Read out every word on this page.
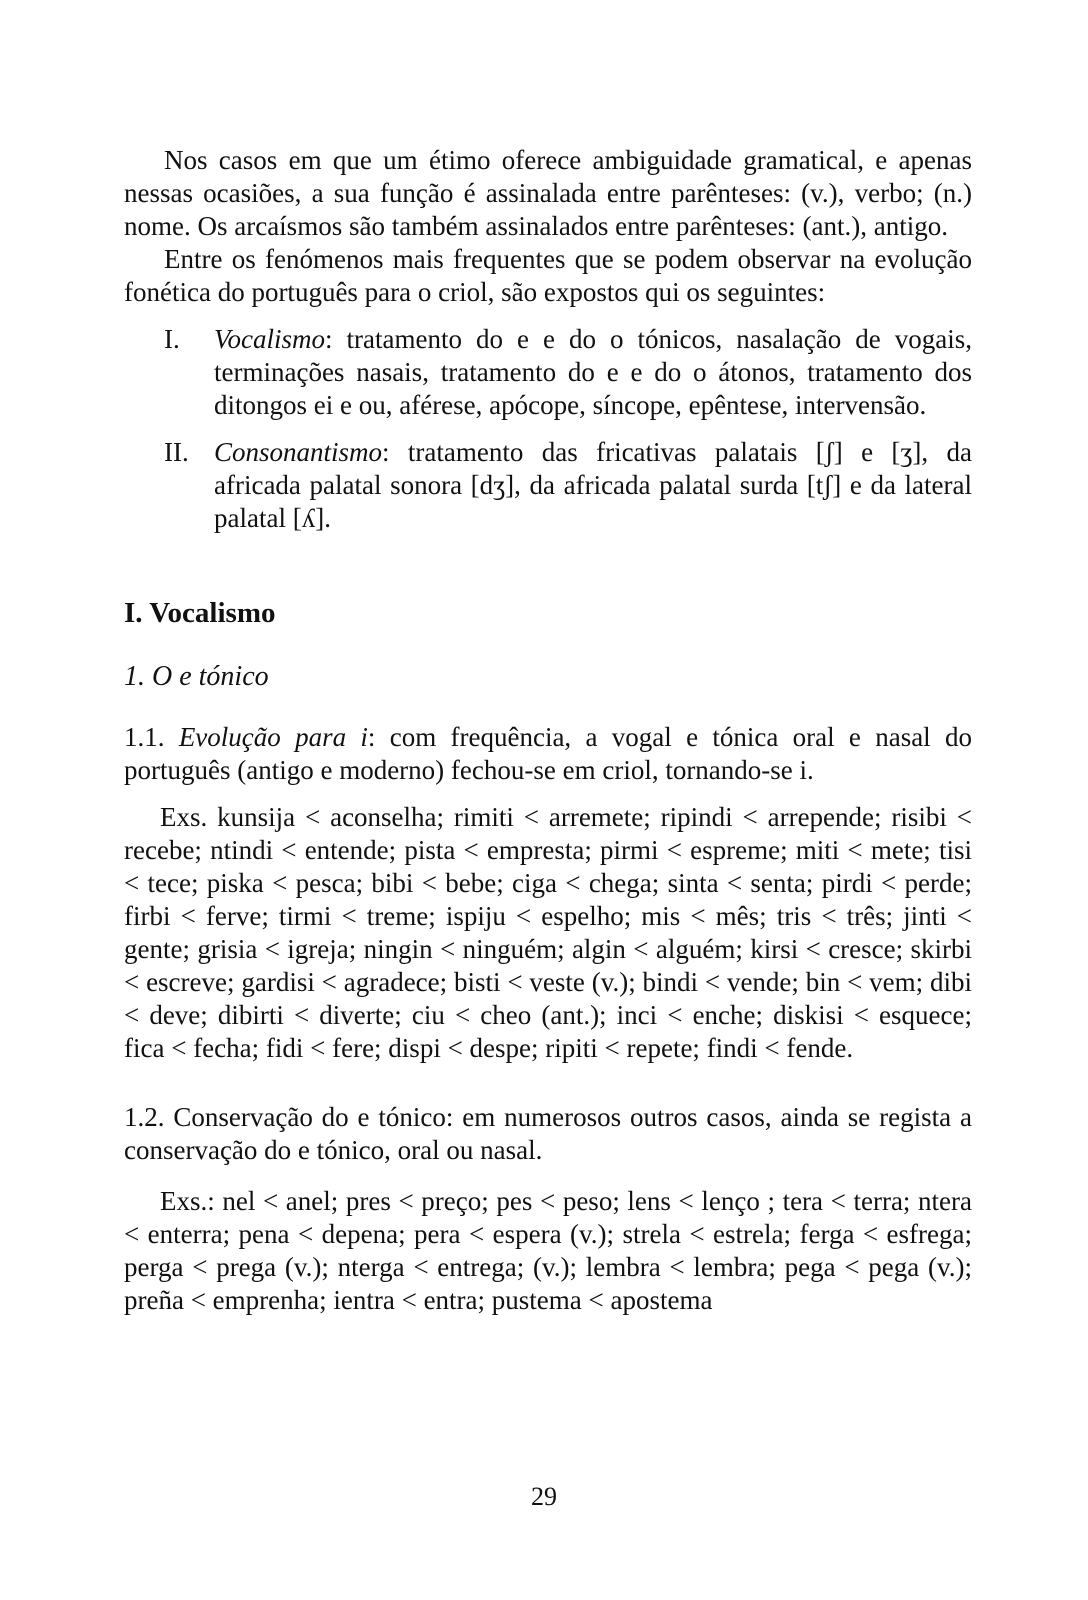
Nos casos em que um étimo oferece ambiguidade gramatical, e apenas nessas ocasiões, a sua função é assinalada entre parênteses: (v.), verbo; (n.) nome. Os arcaísmos são também assinalados entre parênteses: (ant.), antigo.

Entre os fenómenos mais frequentes que se podem observar na evolução fonética do português para o criol, são expostos qui os seguintes:

I.	Vocalismo: tratamento do e e do o tónicos, nasalação de vogais, terminações nasais, tratamento do e e do o átonos, tratamento dos ditongos ei e ou, aférese, apócope, síncope, epêntese, intervensão.

II. Consonantismo: tratamento das fricativas palatais [ʃ] e [ʒ], da africada palatal sonora [dʒ], da africada palatal surda [tʃ] e da lateral palatal [ʎ].

I. Vocalismo
1. O e tónico

1.1. Evolução para i: com frequência, a vogal e tónica oral e nasal do português (antigo e moderno) fechou-se em criol, tornando-se i.

Exs. kunsija < aconselha; rimiti < arremete; ripindi < arrepende; risibi < recebe; ntindi < entende; pista < empresta; pirmi < espreme; miti < mete; tisi < tece; piska < pesca; bibi < bebe; ciga < chega; sinta < senta; pirdi < perde; firbi < ferve; tirmi < treme; ispiju < espelho; mis < mês; tris < três; jinti < gente; grisia < igreja; ningin < ninguém; algin < alguém; kirsi < cresce; skirbi < escreve; gardisi < agradece; bisti < veste (v.); bindi < vende; bin < vem; dibi < deve; dibirti < diverte; ciu < cheo (ant.); inci < enche; diskisi < esquece; fica < fecha; fidi < fere; dispi < despe; ripiti < repete; findi < fende.

1.2. Conservação do e tónico: em numerosos outros casos, ainda se regista a conservação do e tónico, oral ou nasal.

Exs.: nel < anel; pres < preço; pes < peso; lens < lenço ; tera < terra; ntera < enterra; pena < depena; pera < espera (v.); strela < estrela; ferga < esfrega; perga < prega (v.); nterga < entrega; (v.); lembra < lembra; pega < pega (v.); preña < emprenha; ientra < entra; pustema < apostema

29
